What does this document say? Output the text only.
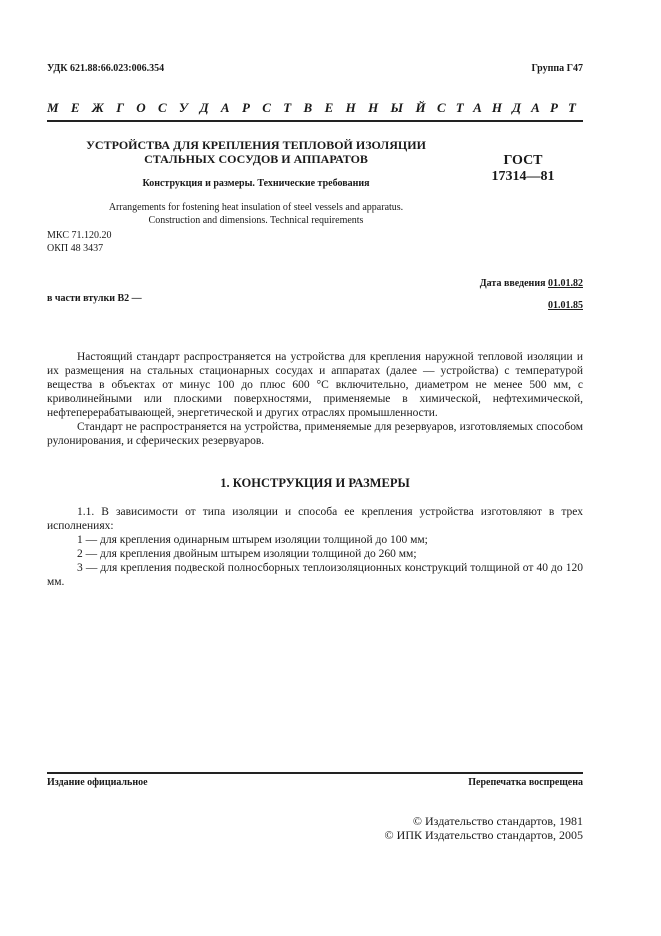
УДК 621.88:66.023:006.354	Группа Г47
МЕЖГОСУДАРСТВЕННЫЙ СТАНДАРТ
УСТРОЙСТВА ДЛЯ КРЕПЛЕНИЯ ТЕПЛОВОЙ ИЗОЛЯЦИИ
СТАЛЬНЫХ СОСУДОВ И АППАРАТОВ
Конструкция и размеры. Технические требования
Arrangements for fostening heat insulation of steel vessels and apparatus.
Construction and dimensions. Technical requirements
ГОСТ
17314—81
МКС 71.120.20
ОКП 48 3437
Дата введения 01.01.82
в части втулки В2 —
01.01.85

Настоящий стандарт распространяется на устройства для крепления наружной тепловой изоляции и их размещения на стальных стационарных сосудах и аппаратах (далее — устройства) с температурой вещества в объектах от минус 100 до плюс 600 °С включительно, диаметром не менее 500 мм, с криволинейными или плоскими поверхностями, применяемые в химической, нефтехимической, нефтеперерабатывающей, энергетической и других отраслях промышленности.

Стандарт не распространяется на устройства, применяемые для резервуаров, изготовляемых способом рулонирования, и сферических резервуаров.

1. КОНСТРУКЦИЯ И РАЗМЕРЫ

1.1. В зависимости от типа изоляции и способа ее крепления устройства изготовляют в трех исполнениях:

1 — для крепления одинарным штырем изоляции толщиной до 100 мм;

2 — для крепления двойным штырем изоляции толщиной до 260 мм;

3 — для крепления подвеской полносборных теплоизоляционных конструкций толщиной от 40 до 120 мм.

Издание официальное	Перепечатка воспрещена
© Издательство стандартов, 1981
© ИПК Издательство стандартов, 2005
